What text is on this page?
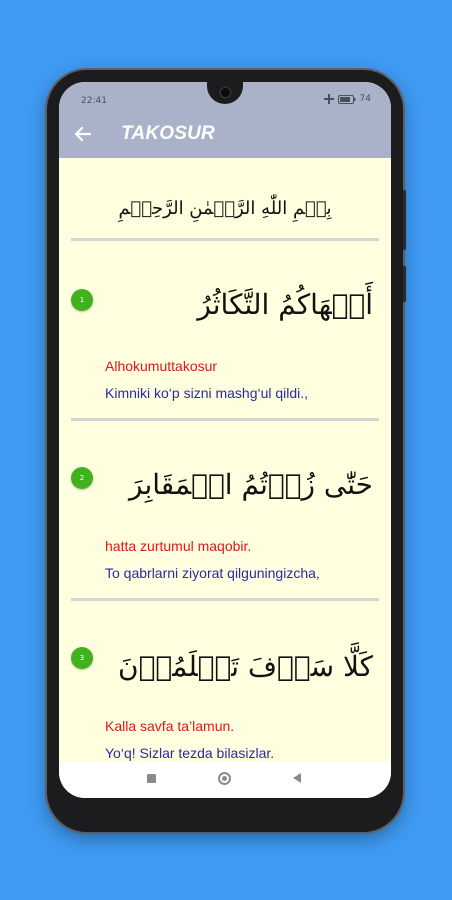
22:41	74
TAKOSUR
بِسۡمِ اللّٰهِ الرَّحۡمٰنِ الرَّحِيۡمِ
1	أَلۡهَاكُمُ التَّكَاثُرُ
Alhokumuttakosur
Kimniki ko‘p sizni mashg‘ul qildi.,
2	حَتّٰى زُرۡتُمُ الۡمَقَابِرَ
hatta zurtumul maqobir.
To qabrlarni ziyorat qilguningizcha,
3	كَلَّا سَوۡفَ تَعۡلَمُوۡنَ
Kalla savfa ta’lamun.
Yo‘q! Sizlar tezda bilasizlar.
